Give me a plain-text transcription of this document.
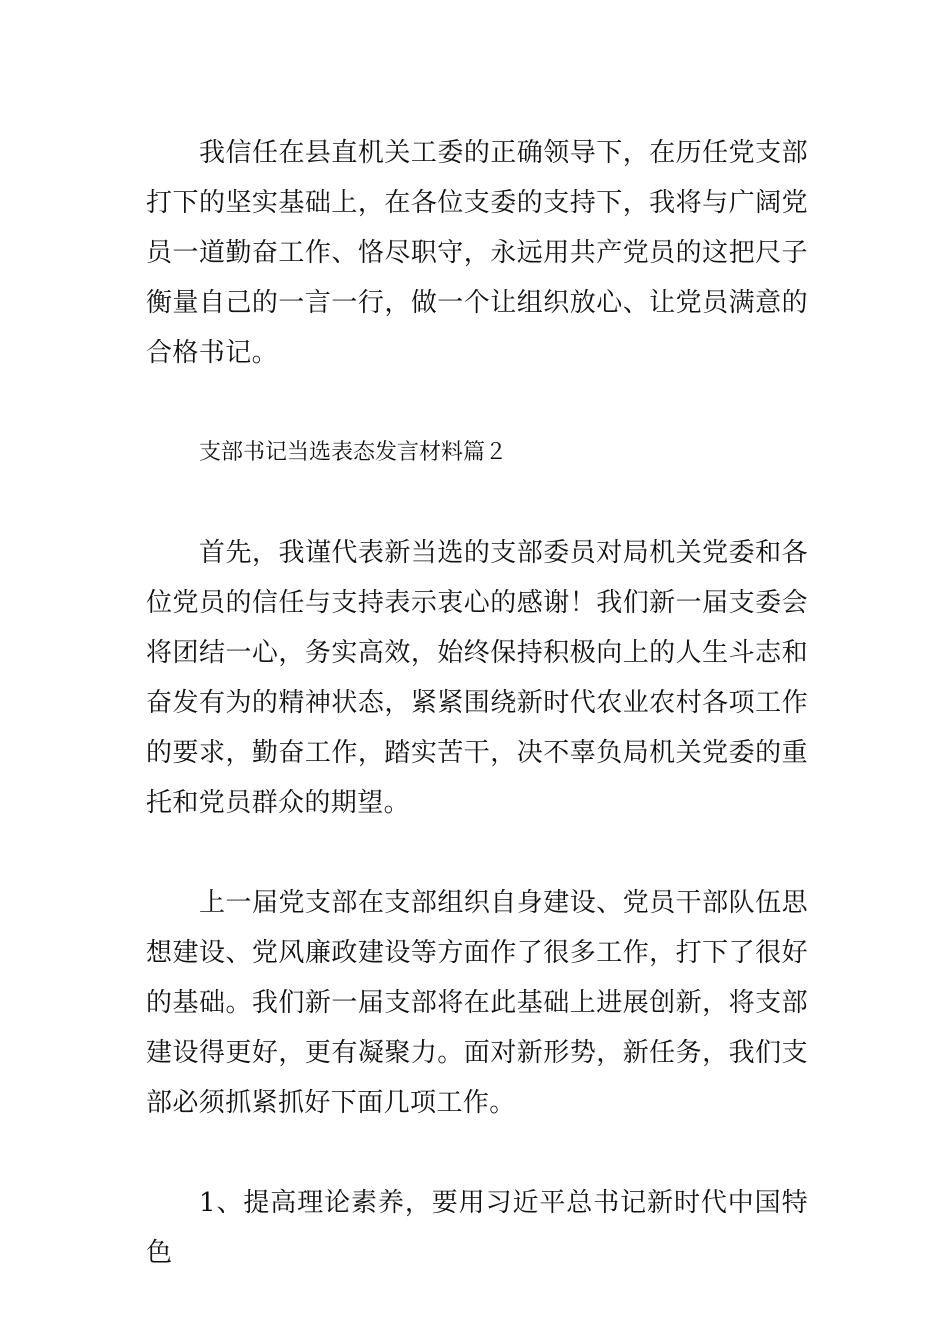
我信任在县直机关工委的正确领导下，在历任党支部打下的坚实基础上，在各位支委的支持下，我将与广阔党员一道勤奋工作、恪尽职守，永远用共产党员的这把尺子衡量自己的一言一行，做一个让组织放心、让党员满意的合格书记。

支部书记当选表态发言材料篇２

首先，我谨代表新当选的支部委员对局机关党委和各位党员的信任与支持表示衷心的感谢！我们新一届支委会将团结一心，务实高效，始终保持积极向上的人生斗志和奋发有为的精神状态，紧紧围绕新时代农业农村各项工作的要求，勤奋工作，踏实苦干，决不辜负局机关党委的重托和党员群众的期望。

上一届党支部在支部组织自身建设、党员干部队伍思想建设、党风廉政建设等方面作了很多工作，打下了很好的基础。我们新一届支部将在此基础上进展创新，将支部建设得更好，更有凝聚力。面对新形势，新任务，我们支部必须抓紧抓好下面几项工作。

1、提高理论素养，要用习近平总书记新时代中国特色
